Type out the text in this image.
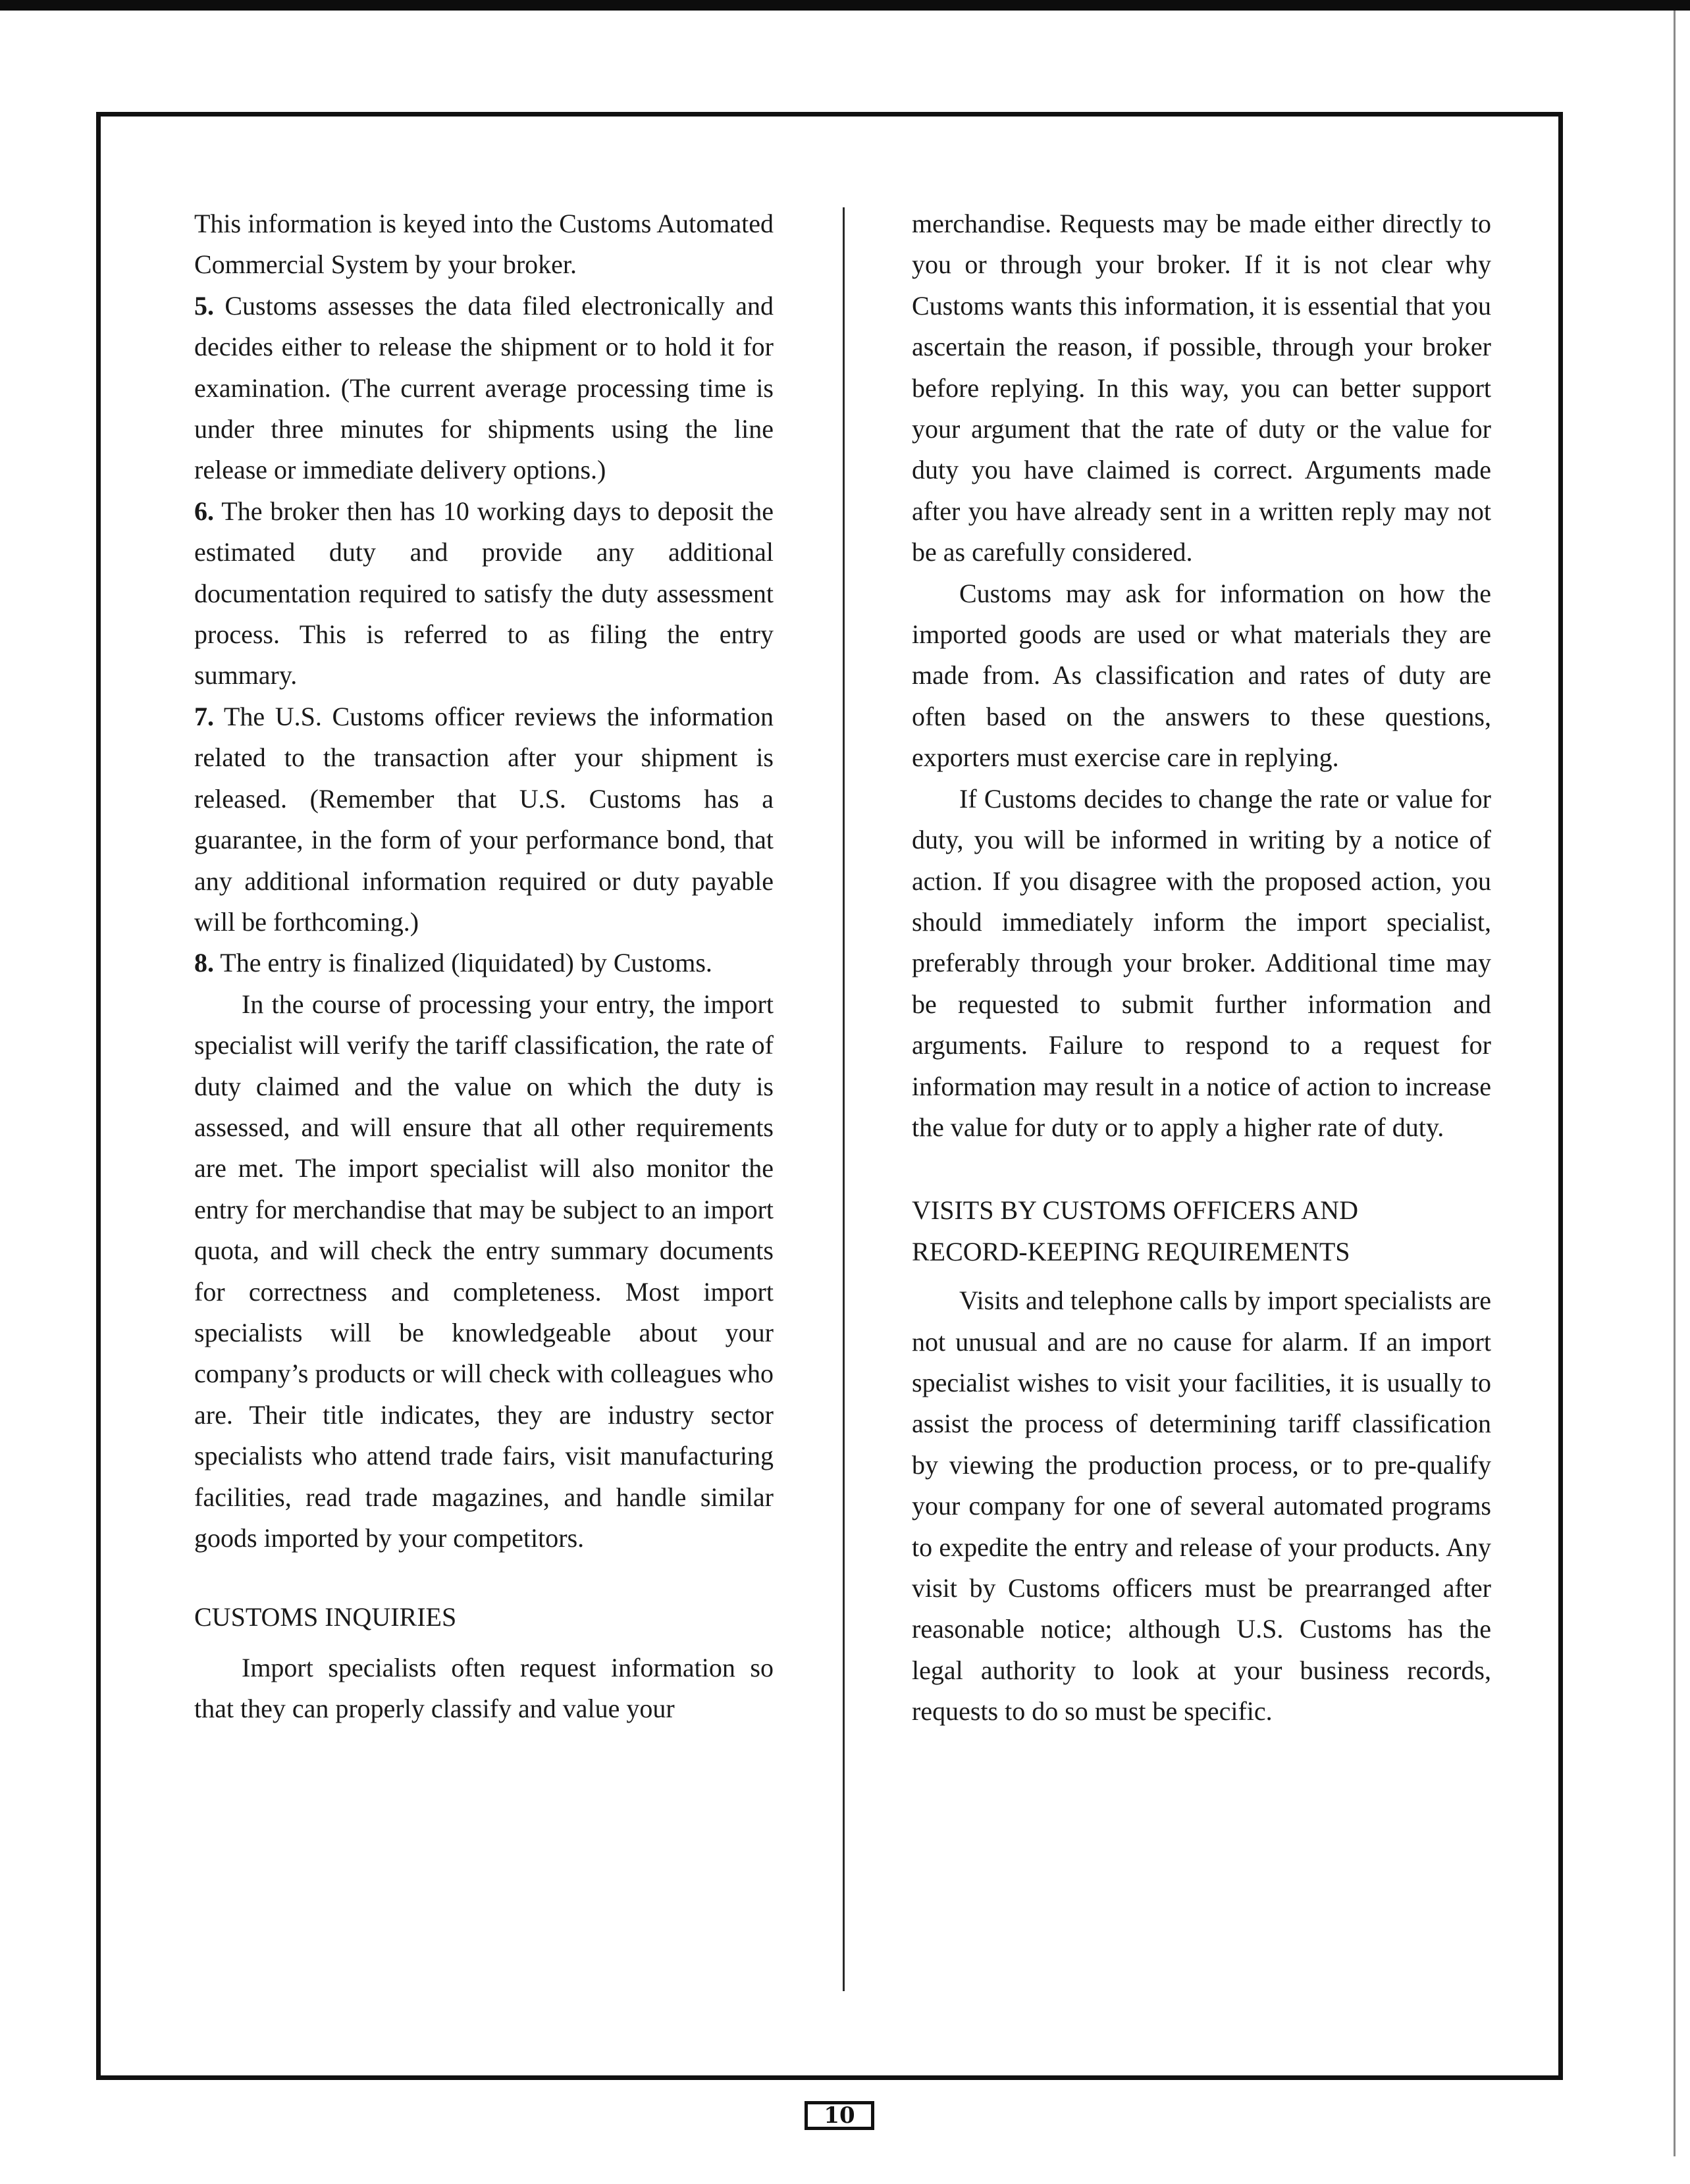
This information is keyed into the Customs Automated Commercial System by your broker.

5. Customs assesses the data filed electronically and decides either to release the shipment or to hold it for examination. (The current average processing time is under three minutes for shipments using the line release or immediate delivery options.)

6. The broker then has 10 working days to deposit the estimated duty and provide any additional documentation required to satisfy the duty assessment process. This is referred to as filing the entry summary.

7. The U.S. Customs officer reviews the information related to the transaction after your shipment is released. (Remember that U.S. Customs has a guarantee, in the form of your performance bond, that any additional information required or duty payable will be forthcoming.)

8. The entry is finalized (liquidated) by Customs.

In the course of processing your entry, the import specialist will verify the tariff classification, the rate of duty claimed and the value on which the duty is assessed, and will ensure that all other requirements are met. The import specialist will also monitor the entry for merchandise that may be subject to an import quota, and will check the entry summary documents for correctness and completeness. Most import specialists will be knowledgeable about your company’s products or will check with colleagues who are. Their title indicates, they are industry sector specialists who attend trade fairs, visit manufacturing facilities, read trade magazines, and handle similar goods imported by your competitors.

CUSTOMS INQUIRIES

Import specialists often request information so that they can properly classify and value your

merchandise. Requests may be made either directly to you or through your broker. If it is not clear why Customs wants this information, it is essential that you ascertain the reason, if possible, through your broker before replying. In this way, you can better support your argument that the rate of duty or the value for duty you have claimed is correct. Arguments made after you have already sent in a written reply may not be as carefully considered.

Customs may ask for information on how the imported goods are used or what materials they are made from. As classification and rates of duty are often based on the answers to these questions, exporters must exercise care in replying.

If Customs decides to change the rate or value for duty, you will be informed in writing by a notice of action. If you disagree with the proposed action, you should immediately inform the import specialist, preferably through your broker. Additional time may be requested to submit further information and arguments. Failure to respond to a request for information may result in a notice of action to increase the value for duty or to apply a higher rate of duty.

VISITS BY CUSTOMS OFFICERS AND
RECORD-KEEPING REQUIREMENTS

Visits and telephone calls by import specialists are not unusual and are no cause for alarm. If an import specialist wishes to visit your facilities, it is usually to assist the process of determining tariff classification by viewing the production process, or to pre-qualify your company for one of several automated programs to expedite the entry and release of your products. Any visit by Customs officers must be prearranged after reasonable notice; although U.S. Customs has the legal authority to look at your business records, requests to do so must be specific.

10
